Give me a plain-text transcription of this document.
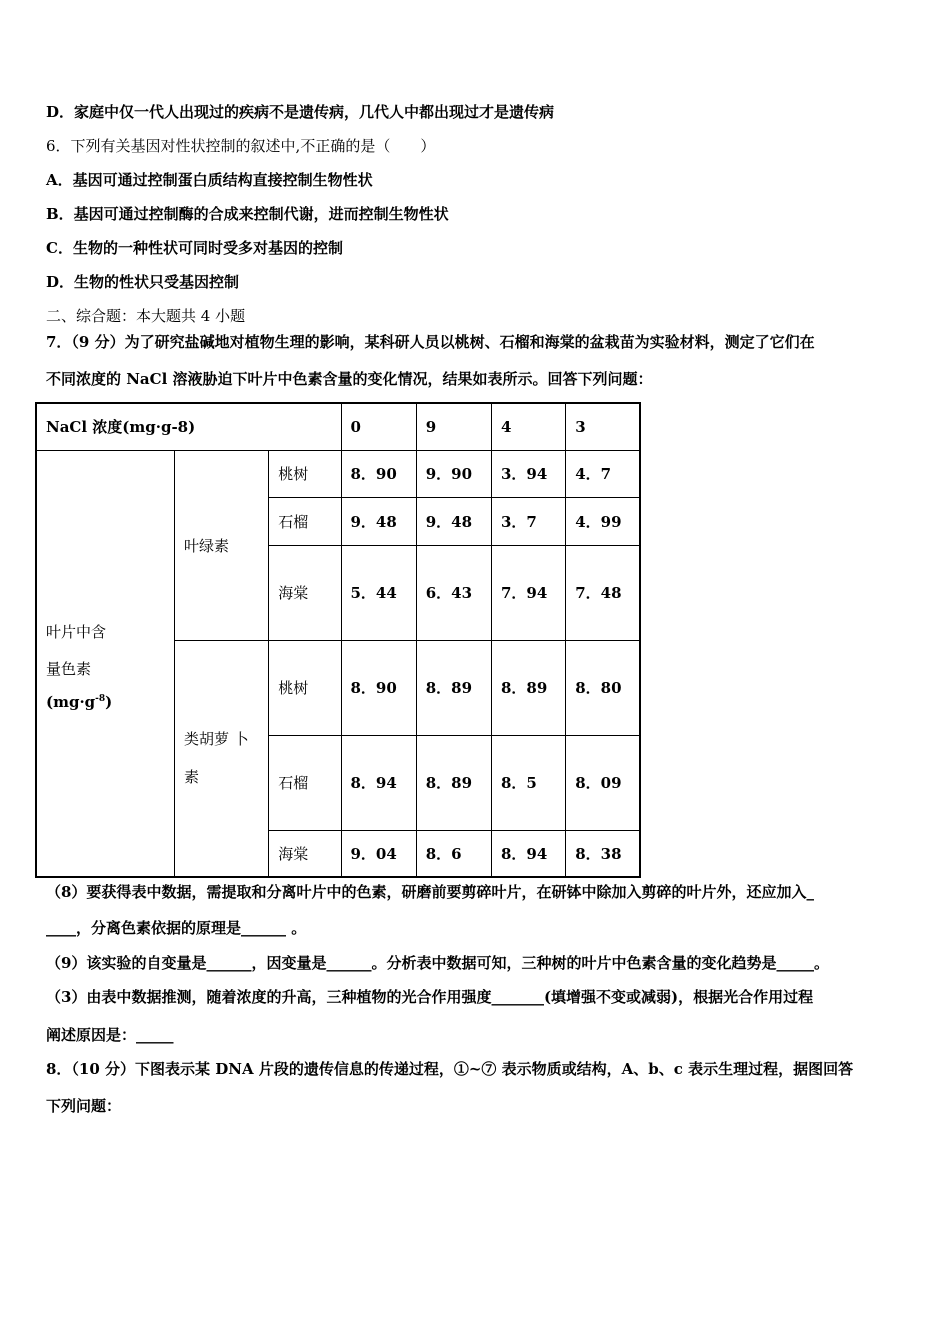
D．家庭中仅一代人出现过的疾病不是遗传病，几代人中都出现过才是遗传病
6．下列有关基因对性状控制的叙述中,不正确的是（　　）
A．基因可通过控制蛋白质结构直接控制生物性状
B．基因可通过控制酶的合成来控制代谢，进而控制生物性状
C．生物的一种性状可同时受多对基因的控制
D．生物的性状只受基因控制
二、综合题：本大题共 4 小题
7．（9 分）为了研究盐碱地对植物生理的影响，某科研人员以桃树、石榴和海棠的盆栽苗为实验材料，测定了它们在
不同浓度的 NaCl 溶液胁迫下叶片中色素含量的变化情况，结果如表所示。回答下列问题：
NaCl 浓度(mg·g-8)			0	9	4	3

叶片中含
量色素
$(mg\cdot g^{-8})$	叶绿素	桃树	8．90	9．90	3．94	4．7
		石榴	9．48	9．48	3．7	4．99
		海棠	5．44	6．43	7．94	7．48

	类胡萝 卜
素	桃树	8．90	8．89	8．89	8．80
		石榴	8．94	8．89	8．5	8．09
		海棠	9．04	8．6	8．94	8．38
（8）要获得表中数据，需提取和分离叶片中的色素，研磨前要剪碎叶片，在研钵中除加入剪碎的叶片外，还应加入_
____，分离色素依据的原理是______ 。
（9）该实验的自变量是______，因变量是______。分析表中数据可知，三种树的叶片中色素含量的变化趋势是_____。
（3）由表中数据推测，随着浓度的升高，三种植物的光合作用强度_______(填增强不变或减弱)，根据光合作用过程
阐述原因是：_____
8．（10 分）下图表示某 DNA 片段的遗传信息的传递过程，①~⑦ 表示物质或结构，A、b、c 表示生理过程，据图回答
下列问题：
